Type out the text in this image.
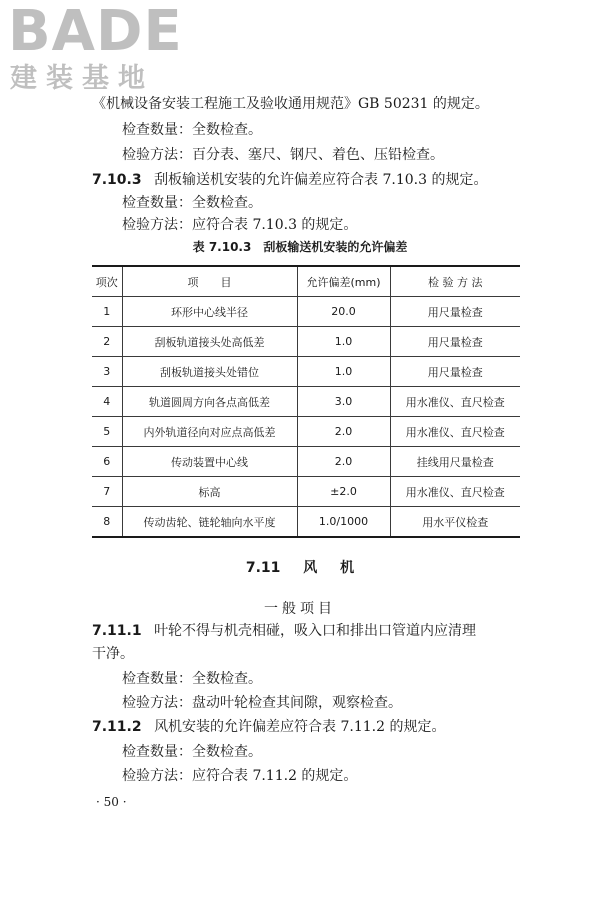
BADE
建装基地
《机械设备安装工程施工及验收通用规范》GB 50231 的规定。
检查数量：全数检查。
检验方法：百分表、塞尺、钢尺、着色、压铅检查。
7.10.3 刮板输送机安装的允许偏差应符合表 7.10.3 的规定。
检查数量：全数检查。
检验方法：应符合表 7.10.3 的规定。
表 7.10.3　刮板输送机安装的允许偏差
项次	项　　目	允许偏差(mm)	检 验 方 法
1	环形中心线半径	20.0	用尺量检查
2	刮板轨道接头处高低差	1.0	用尺量检查
3	刮板轨道接头处错位	1.0	用尺量检查
4	轨道圆周方向各点高低差	3.0	用水准仪、直尺检查
5	内外轨道径向对应点高低差	2.0	用水准仪、直尺检查
6	传动装置中心线	2.0	挂线用尺量检查
7	标高	±2.0	用水准仪、直尺检查
8	传动齿轮、链轮轴向水平度	1.0/1000	用水平仪检查
7.11 风 机
一般项目
7.11.1 叶轮不得与机壳相碰，吸入口和排出口管道内应清理
干净。
检查数量：全数检查。
检验方法：盘动叶轮检查其间隙，观察检查。
7.11.2 风机安装的允许偏差应符合表 7.11.2 的规定。
检查数量：全数检查。
检验方法：应符合表 7.11.2 的规定。
· 50 ·
